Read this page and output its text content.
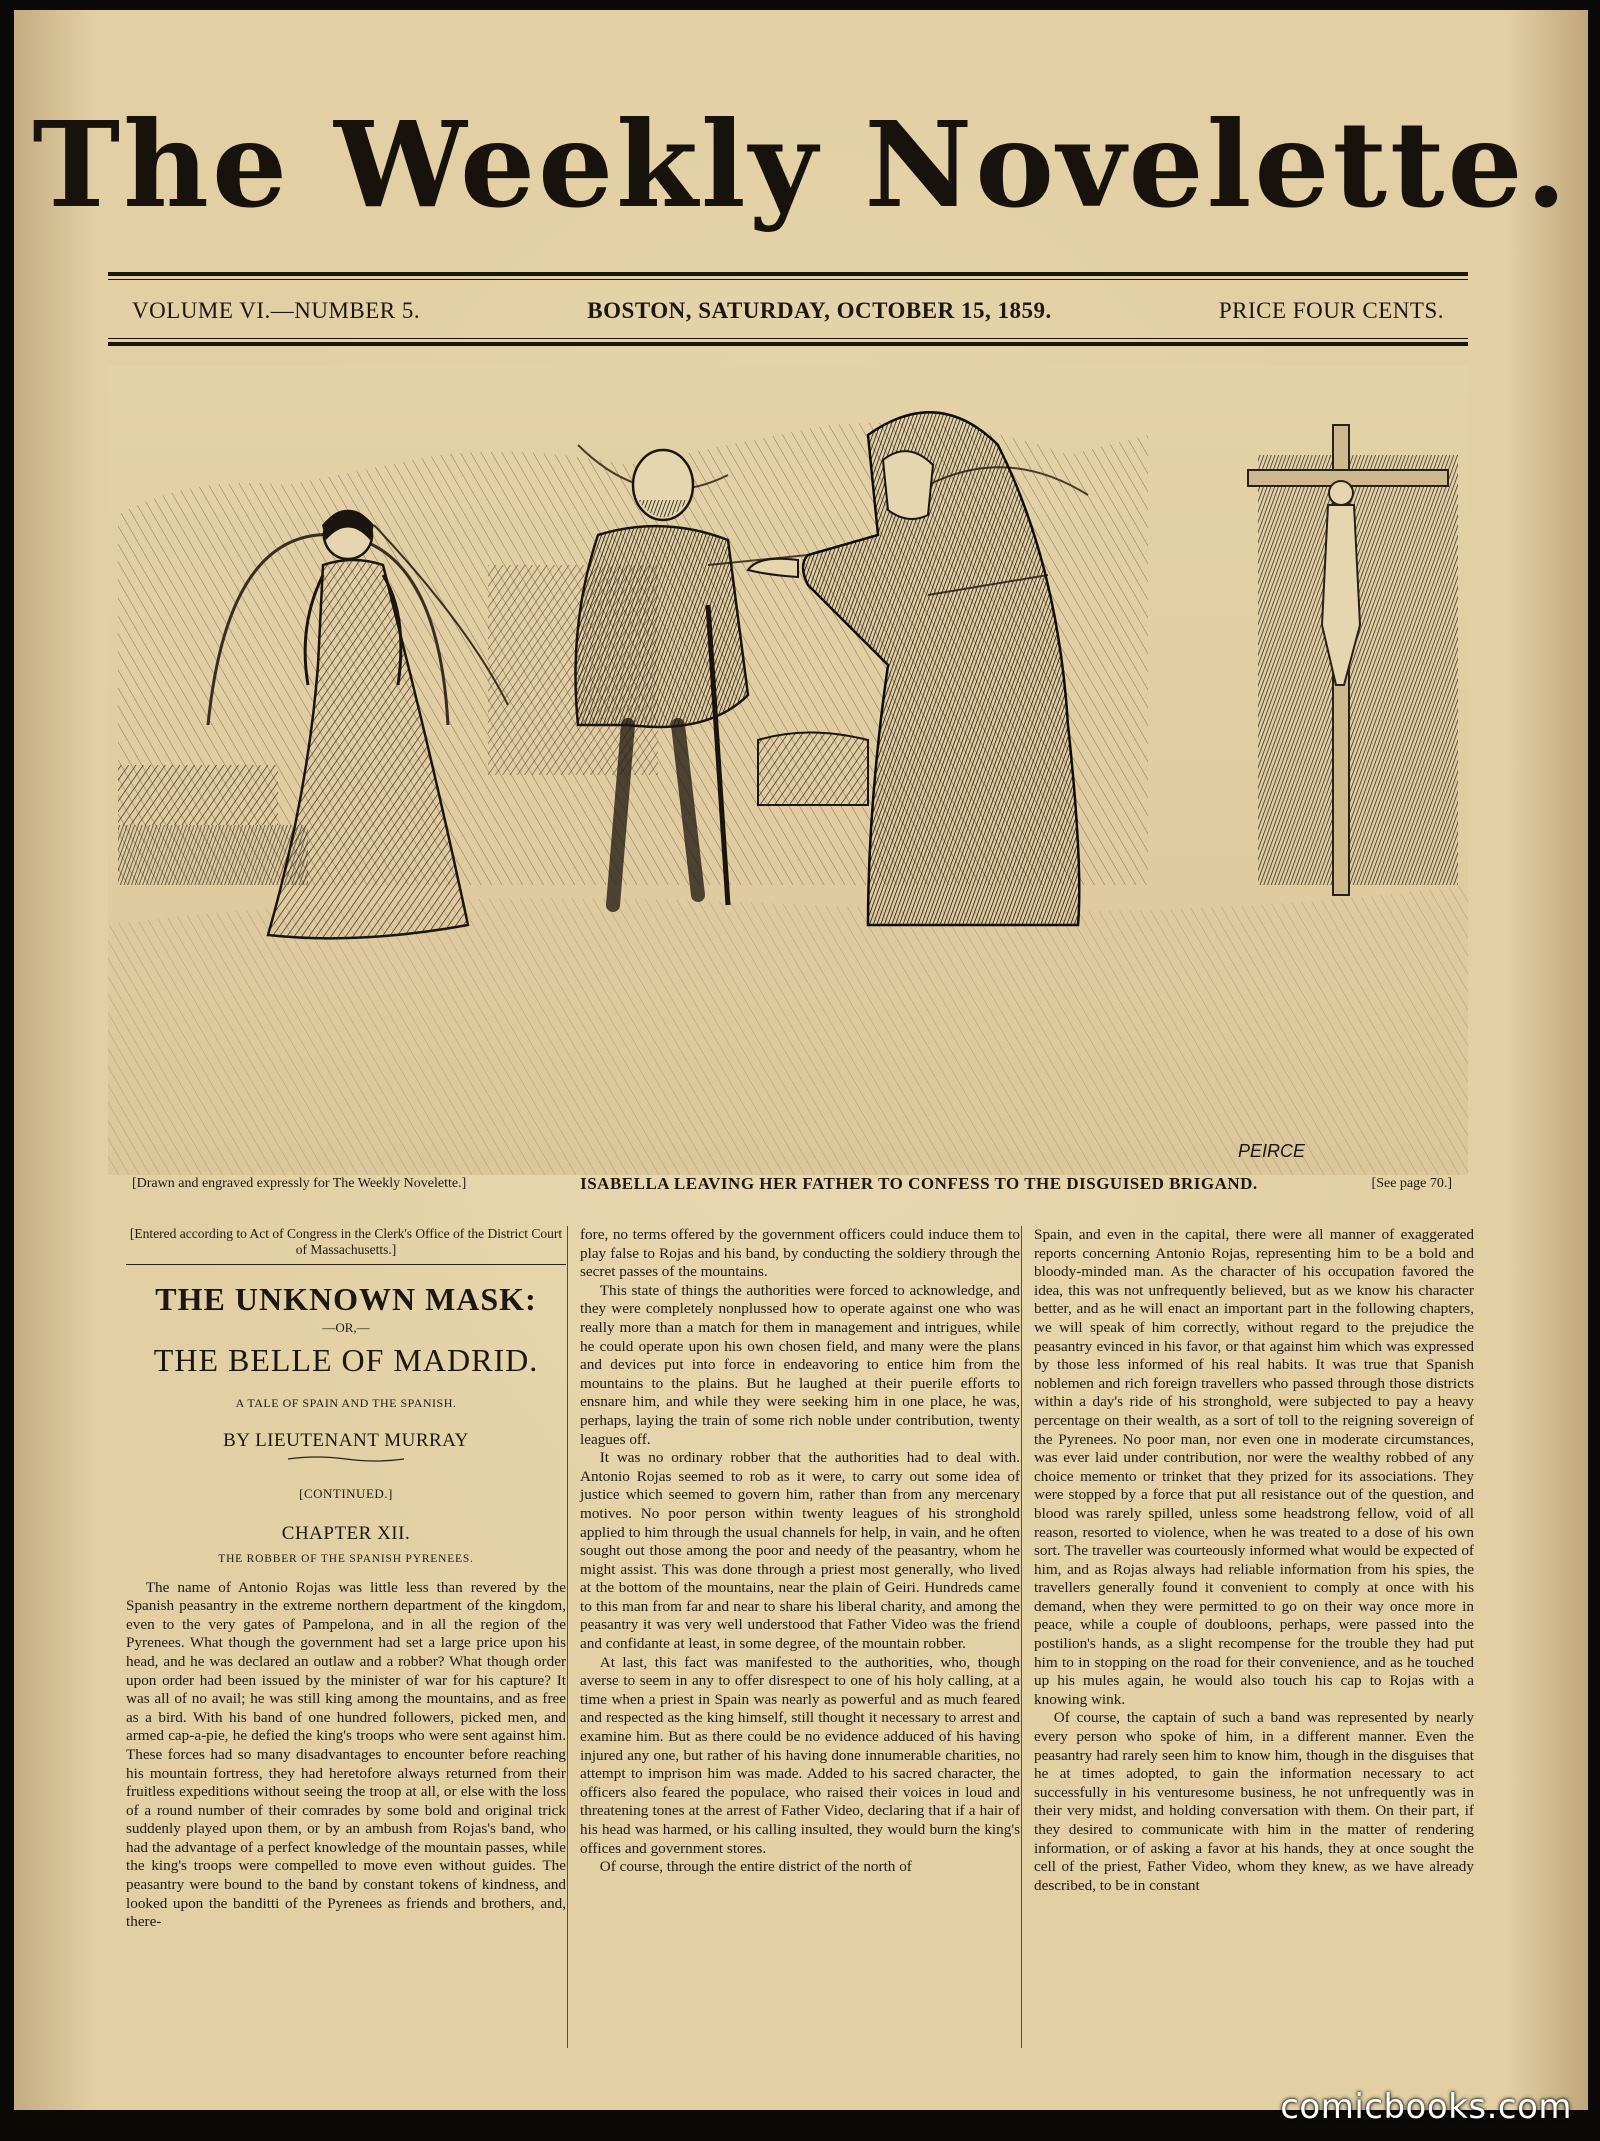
The Weekly Novelette.
VOLUME VI.—NUMBER 5.	BOSTON, SATURDAY, OCTOBER 15, 1859.	PRICE FOUR CENTS.
PEIRCE
[Drawn and engraved expressly for The Weekly Novelette.]	ISABELLA LEAVING HER FATHER TO CONFESS TO THE DISGUISED BRIGAND.	[See page 70.]
[Entered according to Act of Congress in the Clerk's Office of the District Court of Massachusetts.]
THE UNKNOWN MASK:
—OR,—
THE BELLE OF MADRID.
A TALE OF SPAIN AND THE SPANISH.
BY LIEUTENANT MURRAY
[CONTINUED.]
CHAPTER XII.
THE ROBBER OF THE SPANISH PYRENEES.

The name of Antonio Rojas was little less than revered by the Spanish peasantry in the extreme northern department of the kingdom, even to the very gates of Pampelona, and in all the region of the Pyrenees. What though the government had set a large price upon his head, and he was declared an outlaw and a robber? What though order upon order had been issued by the minister of war for his capture? It was all of no avail; he was still king among the mountains, and as free as a bird. With his band of one hundred followers, picked men, and armed cap-a-pie, he defied the king's troops who were sent against him. These forces had so many disadvantages to encounter before reaching his mountain fortress, they had heretofore always returned from their fruitless expeditions without seeing the troop at all, or else with the loss of a round number of their comrades by some bold and original trick suddenly played upon them, or by an ambush from Rojas's band, who had the advantage of a perfect knowledge of the mountain passes, while the king's troops were compelled to move even without guides. The peasantry were bound to the band by constant tokens of kindness, and looked upon the banditti of the Pyrenees as friends and brothers, and, there-

fore, no terms offered by the government officers could induce them to play false to Rojas and his band, by conducting the soldiery through the secret passes of the mountains.

This state of things the authorities were forced to acknowledge, and they were completely nonplussed how to operate against one who was really more than a match for them in management and intrigues, while he could operate upon his own chosen field, and many were the plans and devices put into force in endeavoring to entice him from the mountains to the plains. But he laughed at their puerile efforts to ensnare him, and while they were seeking him in one place, he was, perhaps, laying the train of some rich noble under contribution, twenty leagues off.

It was no ordinary robber that the authorities had to deal with. Antonio Rojas seemed to rob as it were, to carry out some idea of justice which seemed to govern him, rather than from any mercenary motives. No poor person within twenty leagues of his stronghold applied to him through the usual channels for help, in vain, and he often sought out those among the poor and needy of the peasantry, whom he might assist. This was done through a priest most generally, who lived at the bottom of the mountains, near the plain of Geiri. Hundreds came to this man from far and near to share his liberal charity, and among the peasantry it was very well understood that Father Video was the friend and confidante at least, in some degree, of the mountain robber.

At last, this fact was manifested to the authorities, who, though averse to seem in any to offer disrespect to one of his holy calling, at a time when a priest in Spain was nearly as powerful and as much feared and respected as the king himself, still thought it necessary to arrest and examine him. But as there could be no evidence adduced of his having injured any one, but rather of his having done innumerable charities, no attempt to imprison him was made. Added to his sacred character, the officers also feared the populace, who raised their voices in loud and threatening tones at the arrest of Father Video, declaring that if a hair of his head was harmed, or his calling insulted, they would burn the king's offices and government stores.

Of course, through the entire district of the north of

Spain, and even in the capital, there were all manner of exaggerated reports concerning Antonio Rojas, representing him to be a bold and bloody-minded man. As the character of his occupation favored the idea, this was not unfrequently believed, but as we know his character better, and as he will enact an important part in the following chapters, we will speak of him correctly, without regard to the prejudice the peasantry evinced in his favor, or that against him which was expressed by those less informed of his real habits. It was true that Spanish noblemen and rich foreign travellers who passed through those districts within a day's ride of his stronghold, were subjected to pay a heavy percentage on their wealth, as a sort of toll to the reigning sovereign of the Pyrenees. No poor man, nor even one in moderate circumstances, was ever laid under contribution, nor were the wealthy robbed of any choice memento or trinket that they prized for its associations. They were stopped by a force that put all resistance out of the question, and blood was rarely spilled, unless some headstrong fellow, void of all reason, resorted to violence, when he was treated to a dose of his own sort. The traveller was courteously informed what would be expected of him, and as Rojas always had reliable information from his spies, the travellers generally found it convenient to comply at once with his demand, when they were permitted to go on their way once more in peace, while a couple of doubloons, perhaps, were passed into the postilion's hands, as a slight recompense for the trouble they had put him to in stopping on the road for their convenience, and as he touched up his mules again, he would also touch his cap to Rojas with a knowing wink.

Of course, the captain of such a band was represented by nearly every person who spoke of him, in a different manner. Even the peasantry had rarely seen him to know him, though in the disguises that he at times adopted, to gain the information necessary to act successfully in his venturesome business, he not unfrequently was in their very midst, and holding conversation with them. On their part, if they desired to communicate with him in the matter of rendering information, or of asking a favor at his hands, they at once sought the cell of the priest, Father Video, whom they knew, as we have already described, to be in constant

comicbooks.com
